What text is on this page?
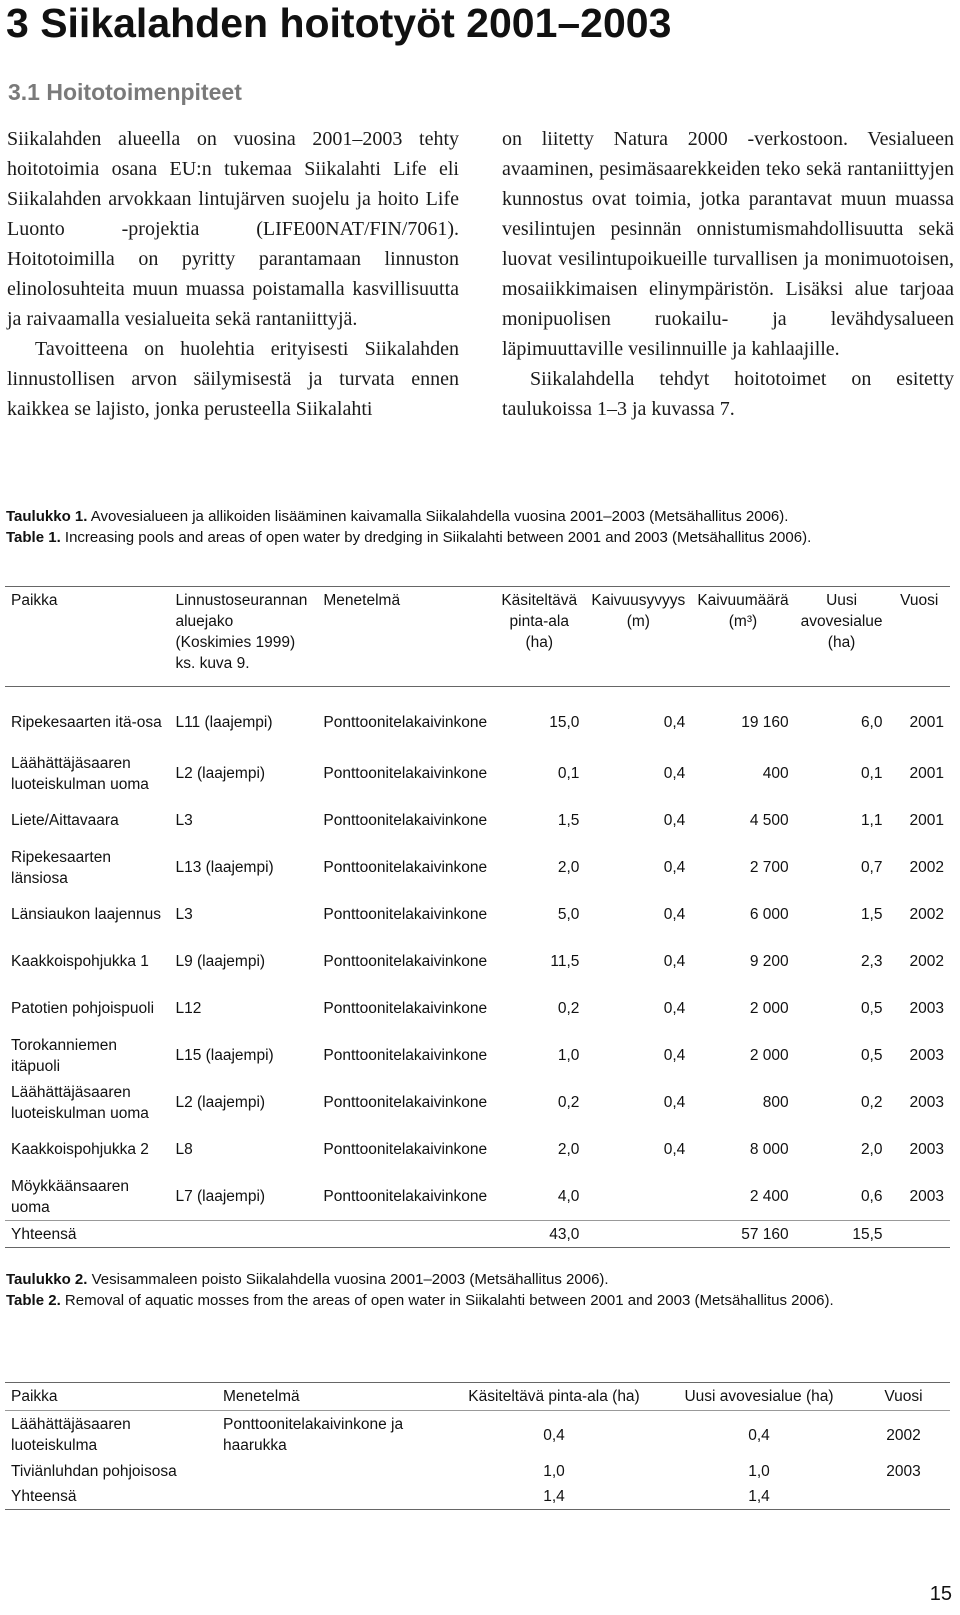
3 Siikalahden hoitotyöt 2001–2003
3.1 Hoitotoimenpiteet

Siikalahden alueella on vuosina 2001–2003 tehty hoitotoimia osana EU:n tukemaa Siikalahti Life eli Siikalahden arvokkaan lintujärven suojelu ja hoito Life Luonto -projektia (LIFE00NAT/FIN/7061). Hoitotoimilla on pyritty parantamaan linnuston elinolosuhteita muun muassa poistamalla kasvillisuutta ja raivaamalla vesialueita sekä rantaniittyjä.

Tavoitteena on huolehtia erityisesti Siikalahden linnustollisen arvon säilymisestä ja turvata ennen kaikkea se lajisto, jonka perusteella Siikalahti

on liitetty Natura 2000 -verkostoon. Vesialueen avaaminen, pesimäsaarekkeiden teko sekä rantaniittyjen kunnostus ovat toimia, jotka parantavat muun muassa vesilintujen pesinnän onnistumismahdollisuutta sekä luovat vesilintupoikueille turvallisen ja monimuotoisen, mosaiikkimaisen elinympäristön. Lisäksi alue tarjoaa monipuolisen ruokailu- ja levähdysalueen läpimuuttaville vesilinnuille ja kahlaajille.

Siikalahdella tehdyt hoitotoimet on esitetty taulukoissa 1–3 ja kuvassa 7.

Taulukko 1. Avovesialueen ja allikoiden lisääminen kaivamalla Siikalahdella vuosina 2001–2003 (Metsähallitus 2006).
Table 1. Increasing pools and areas of open water by dredging in Siikalahti between 2001 and 2003 (Metsähallitus 2006).
Paikka	Linnustoseurannan aluejako (Koskimies 1999) ks. kuva 9.	Menetelmä	Käsiteltävä pinta-ala (ha)	Kaivuusyvyys (m)	Kaivuumäärä (m³)	Uusi avovesialue (ha)	Vuosi
Ripekesaarten itä-osa	L11 (laajempi)	Ponttoonitelakaivinkone	15,0	0,4	19 160	6,0	2001
Läähättäjäsaaren luoteiskulman uoma	L2 (laajempi)	Ponttoonitelakaivinkone	0,1	0,4	400	0,1	2001
Liete/Aittavaara	L3	Ponttoonitelakaivinkone	1,5	0,4	4 500	1,1	2001
Ripekesaarten länsiosa	L13 (laajempi)	Ponttoonitelakaivinkone	2,0	0,4	2 700	0,7	2002
Länsiaukon laajennus	L3	Ponttoonitelakaivinkone	5,0	0,4	6 000	1,5	2002
Kaakkoispohjukka 1	L9 (laajempi)	Ponttoonitelakaivinkone	11,5	0,4	9 200	2,3	2002
Patotien pohjoispuoli	L12	Ponttoonitelakaivinkone	0,2	0,4	2 000	0,5	2003
Torokanniemen itäpuoli	L15 (laajempi)	Ponttoonitelakaivinkone	1,0	0,4	2 000	0,5	2003
Läähättäjäsaaren luoteiskulman uoma	L2 (laajempi)	Ponttoonitelakaivinkone	0,2	0,4	800	0,2	2003
Kaakkoispohjukka 2	L8	Ponttoonitelakaivinkone	2,0	0,4	8 000	2,0	2003
Möykkäänsaaren uoma	L7 (laajempi)	Ponttoonitelakaivinkone	4,0		2 400	0,6	2003
Yhteensä			43,0		57 160	15,5	
Taulukko 2. Vesisammaleen poisto Siikalahdella vuosina 2001–2003 (Metsähallitus 2006).
Table 2. Removal of aquatic mosses from the areas of open water in Siikalahti between 2001 and 2003 (Metsähallitus 2006).
Paikka	Menetelmä	Käsiteltävä pinta-ala (ha)	Uusi avovesialue (ha)	Vuosi
Läähättäjäsaaren luoteiskulma	Ponttoonitelakaivinkone ja haarukka	0,4	0,4	2002
Tiviänluhdan pohjoisosa		1,0	1,0	2003
Yhteensä		1,4	1,4	
15
